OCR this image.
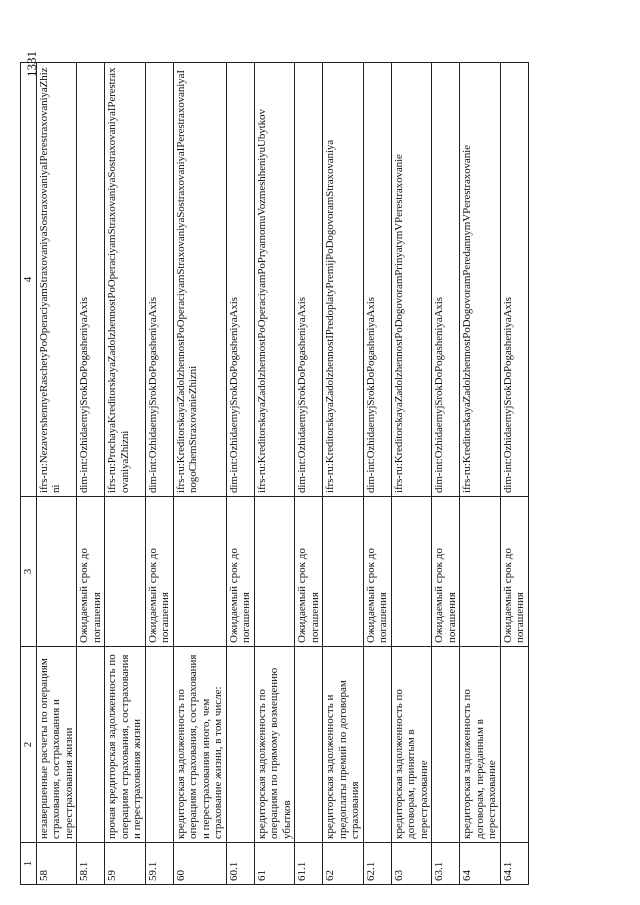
1331
1	2	3	4
58	незавершенные расчеты по операциям страхования, сострахования и перестрахования жизни		ifrs-ru:NezavershennyeRaschetyPoOperaciyamStraxovaniyaSostraxovaniyaIPerestraxovaniyaZhizni
58.1		Ожидаемый срок до погашения	dim-int:OzhidaemyjSrokDoPogasheniyaAxis
59	прочая кредиторская задолженность по операциям страхования, сострахования и перестрахования жизни		ifrs-ru:ProchayaKreditorskayaZadolzhennostPoOperaciyamStraxovaniyaSostraxovaniyaIPerestraxovaniyaZhizni
59.1		Ожидаемый срок до погашения	dim-int:OzhidaemyjSrokDoPogasheniyaAxis
60	кредиторская задолженность по операциям страхования, сострахования и перестрахования иного, чем страхование жизни, в том числе:		ifrs-ru:KreditorskayaZadolzhennostPoOperaciyamStraxovaniyaSostraxovaniyaIPerestraxovaniyaInogoChemStraxovanieZhizni
60.1		Ожидаемый срок до погашения	dim-int:OzhidaemyjSrokDoPogasheniyaAxis
61	кредиторская задолженность по операциям по прямому возмещению убытков		ifrs-ru:KreditorskayaZadolzhennostPoOperaciyamPoPryamomuVozmeshheniyuUbytkov
61.1		Ожидаемый срок до погашения	dim-int:OzhidaemyjSrokDoPogasheniyaAxis
62	кредиторская задолженность и предоплаты премий по договорам страхования		ifrs-ru:KreditorskayaZadolzhennostIPredoplatyPremijPoDogovoramStraxovaniya
62.1		Ожидаемый срок до погашения	dim-int:OzhidaemyjSrokDoPogasheniyaAxis
63	кредиторская задолженность по договорам, принятым в перестрахование		ifrs-ru:KreditorskayaZadolzhennostPoDogovoramPrinyatymVPerestraxovanie
63.1		Ожидаемый срок до погашения	dim-int:OzhidaemyjSrokDoPogasheniyaAxis
64	кредиторская задолженность по договорам, переданным в перестрахование		ifrs-ru:KreditorskayaZadolzhennostPoDogovoramPeredannymVPerestraxovanie
64.1		Ожидаемый срок до погашения	dim-int:OzhidaemyjSrokDoPogasheniyaAxis
